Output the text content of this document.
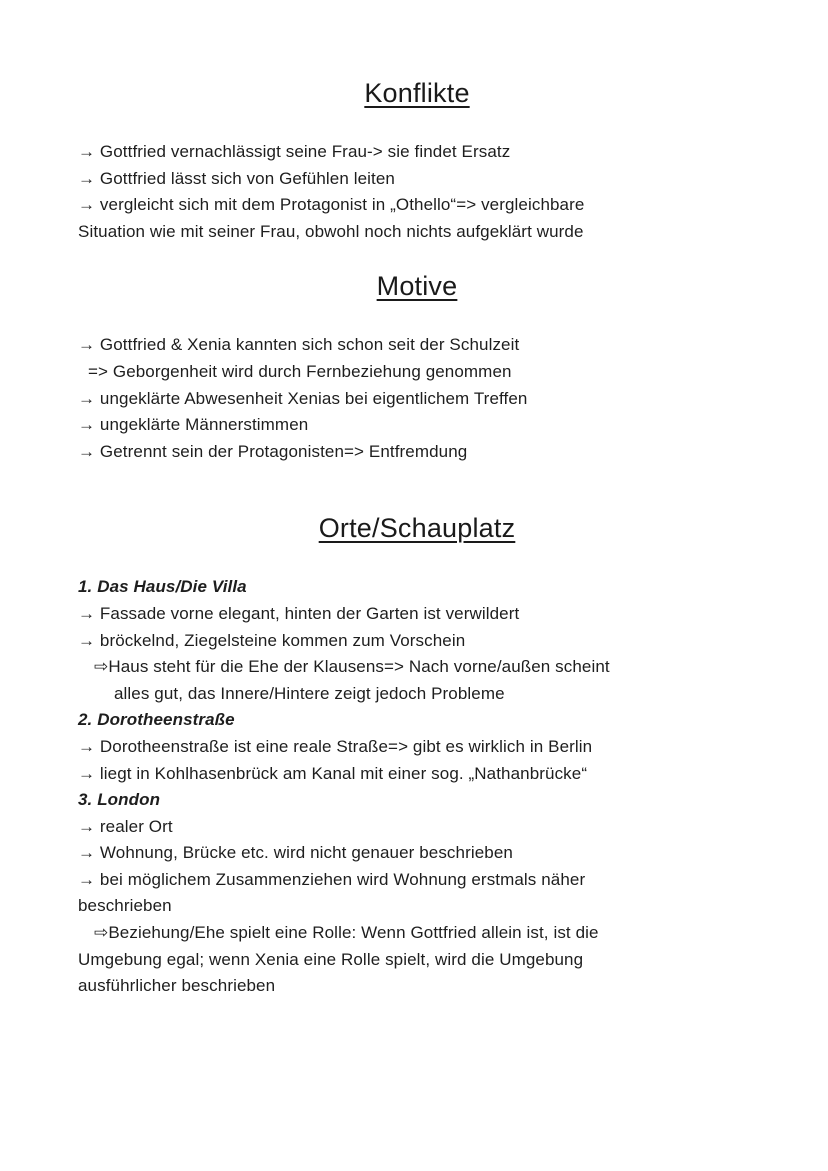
Konflikte

→ Gottfried vernachlässigt seine Frau-> sie findet Ersatz

→ Gottfried lässt sich von Gefühlen leiten

→ vergleicht sich mit dem Protagonist in „Othello“=> vergleichbare

Situation wie mit seiner Frau, obwohl noch nichts aufgeklärt wurde

Motive

→ Gottfried & Xenia kannten sich schon seit der Schulzeit

=> Geborgenheit wird durch Fernbeziehung genommen

→ ungeklärte Abwesenheit Xenias bei eigentlichem Treffen

→ ungeklärte Männerstimmen

→ Getrennt sein der Protagonisten=> Entfremdung

Orte/Schauplatz

1. Das Haus/Die Villa

→ Fassade vorne elegant, hinten der Garten ist verwildert

→ bröckelnd, Ziegelsteine kommen zum Vorschein

⇨Haus steht für die Ehe der Klausens=> Nach vorne/außen scheint

alles gut, das Innere/Hintere zeigt jedoch Probleme

2. Dorotheenstraße

→ Dorotheenstraße ist eine reale Straße=> gibt es wirklich in Berlin

→ liegt in Kohlhasenbrück am Kanal mit einer sog. „Nathanbrücke“

3. London

→ realer Ort

→ Wohnung, Brücke etc. wird nicht genauer beschrieben

→ bei möglichem Zusammenziehen wird Wohnung erstmals näher

beschrieben

⇨Beziehung/Ehe spielt eine Rolle: Wenn Gottfried allein ist, ist die

Umgebung egal; wenn Xenia eine Rolle spielt, wird die Umgebung

ausführlicher beschrieben
